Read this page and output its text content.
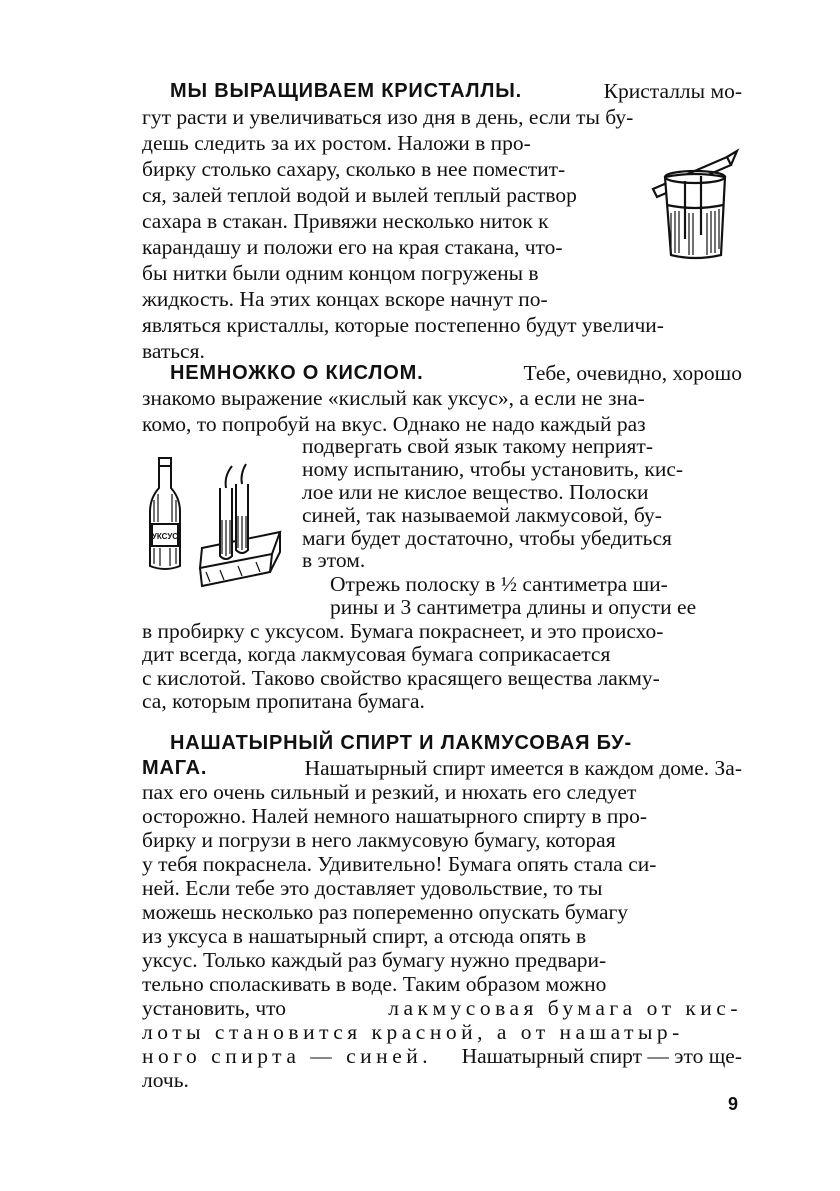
МЫ ВЫРАЩИВАЕМ КРИСТАЛЛЫ.	Кристаллы мо-
гут расти и увеличиваться изо дня в день, если ты бу-
дешь следить за их ростом. Наложи в про-
бирку столько сахару, сколько в нее поместит-
ся, залей теплой водой и вылей теплый раствор
сахара в стакан. Привяжи несколько ниток к
карандашу и положи его на края стакана, что-
бы нитки были одним концом погружены в
жидкость. На этих концах вскоре начнут по-
являться кристаллы, которые постепенно будут увеличи-
ваться.
НЕМНОЖКО О КИСЛОМ.	Тебе, очевидно, хорошо
знакомо выражение «кислый как уксус», а если не зна-
комо, то попробуй на вкус. Однако не надо каждый раз
подвергать свой язык такому неприят-
ному испытанию, чтобы установить, кис-
лое или не кислое вещество. Полоски
синей, так называемой лакмусовой, бу-
маги будет достаточно, чтобы убедиться
в этом.
Отрежь полоску в ½ сантиметра ши-
рины и 3 сантиметра длины и опусти ее
в пробирку с уксусом. Бумага покраснеет, и это происхо-
дит всегда, когда лакмусовая бумага соприкасается
с кислотой. Таково свойство красящего вещества лакму-
са, которым пропитана бумага.
УКСУС
НАШАТЫРНЫЙ СПИРТ И ЛАКМУСОВАЯ БУ-
МАГА.	Нашатырный спирт имеется в каждом доме. За-
пах его очень сильный и резкий, и нюхать его следует
осторожно. Налей немного нашатырного спирту в про-
бирку и погрузи в него лакмусовую бумагу, которая
у тебя покраснела. Удивительно! Бумага опять стала си-
ней. Если тебе это доставляет удовольствие, то ты
можешь несколько раз попеременно опускать бумагу
из уксуса в нашатырный спирт, а отсюда опять в
уксус. Только каждый раз бумагу нужно предвари-
тельно споласкивать в воде. Таким образом можно
установить, что	лакмусовая бумага от кис-
лоты становится красной, а от нашатыр-
ного спирта — синей. Нашатырный спирт — это ще-
лочь.
9
